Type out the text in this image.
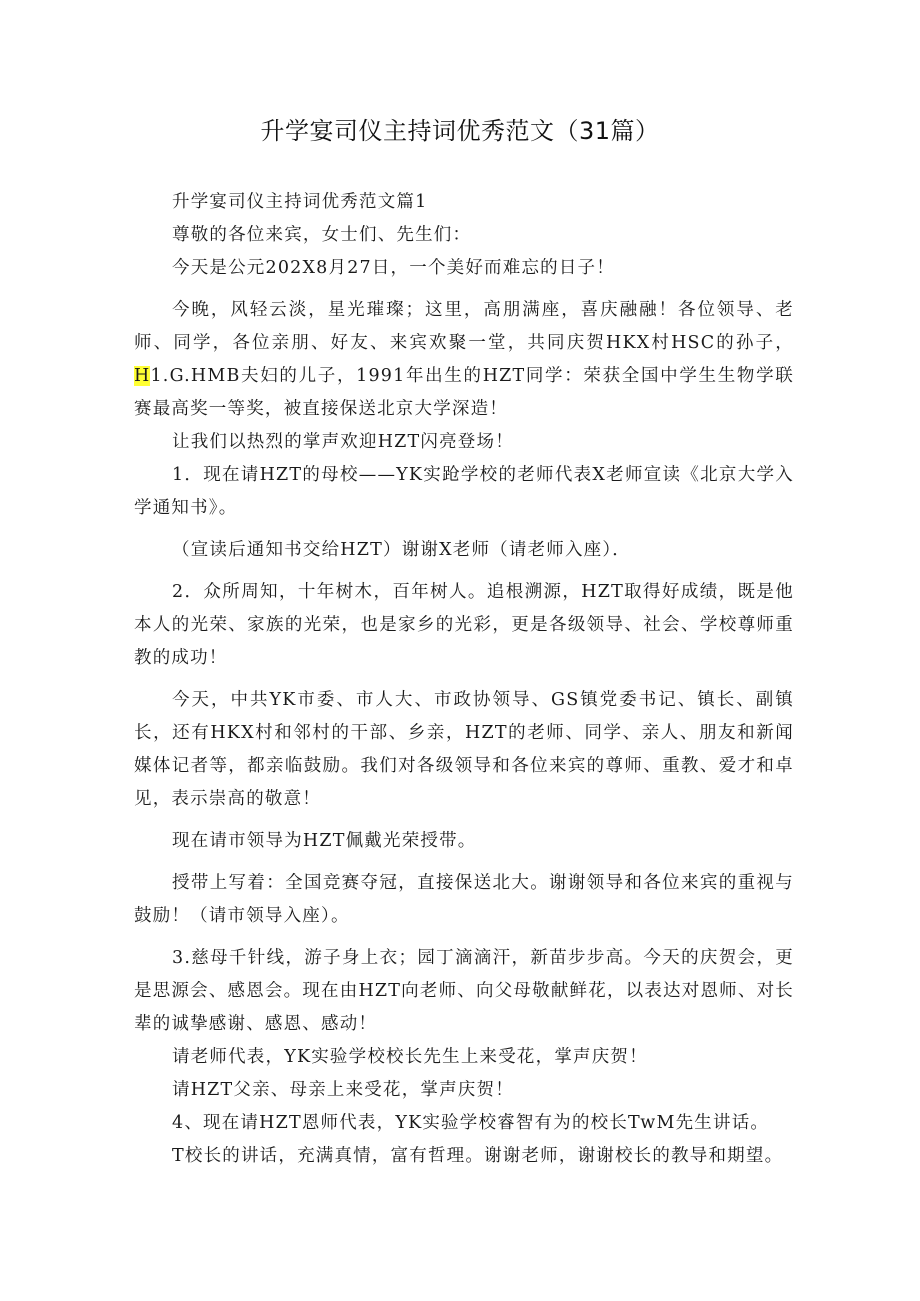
升学宴司仪主持词优秀范文（31篇）

升学宴司仪主持词优秀范文篇1

尊敬的各位来宾，女士们、先生们：

今天是公元202X8月27日，一个美好而难忘的日子！

今晚，风轻云淡，星光璀璨；这里，高朋满座，喜庆融融！各位领导、老师、同学，各位亲朋、好友、来宾欢聚一堂，共同庆贺HKX村HSC的孙子，H1.G.HMB夫妇的儿子，1991年出生的HZT同学：荣获全国中学生生物学联赛最高奖一等奖，被直接保送北京大学深造！

让我们以热烈的掌声欢迎HZT闪亮登场！

1．现在请HZT的母校——YK实跄学校的老师代表X老师宣读《北京大学入学通知书》。

（宣读后通知书交给HZT）谢谢X老师（请老师入座）．

2．众所周知，十年树木，百年树人。追根溯源，HZT取得好成绩，既是他本人的光荣、家族的光荣，也是家乡的光彩，更是各级领导、社会、学校尊师重教的成功！

今天，中共YK市委、市人大、市政协领导、GS镇党委书记、镇长、副镇长，还有HKX村和邻村的干部、乡亲，HZT的老师、同学、亲人、朋友和新闻媒体记者等，都亲临鼓励。我们对各级领导和各位来宾的尊师、重教、爱才和卓见，表示崇高的敬意！

现在请市领导为HZT佩戴光荣授带。

授带上写着：全国竞赛夺冠，直接保送北大。谢谢领导和各位来宾的重视与鼓励！（请市领导入座）。

3.慈母千针线，游子身上衣；园丁滴滴汗，新苗步步高。今天的庆贺会，更是思源会、感恩会。现在由HZT向老师、向父母敬献鲜花，以表达对恩师、对长辈的诚挚感谢、感恩、感动！

请老师代表，YK实验学校校长先生上来受花，掌声庆贺！

请HZT父亲、母亲上来受花，掌声庆贺！

4、现在请HZT恩师代表，YK实验学校睿智有为的校长TwM先生讲话。

T校长的讲话，充满真情，富有哲理。谢谢老师，谢谢校长的教导和期望。
